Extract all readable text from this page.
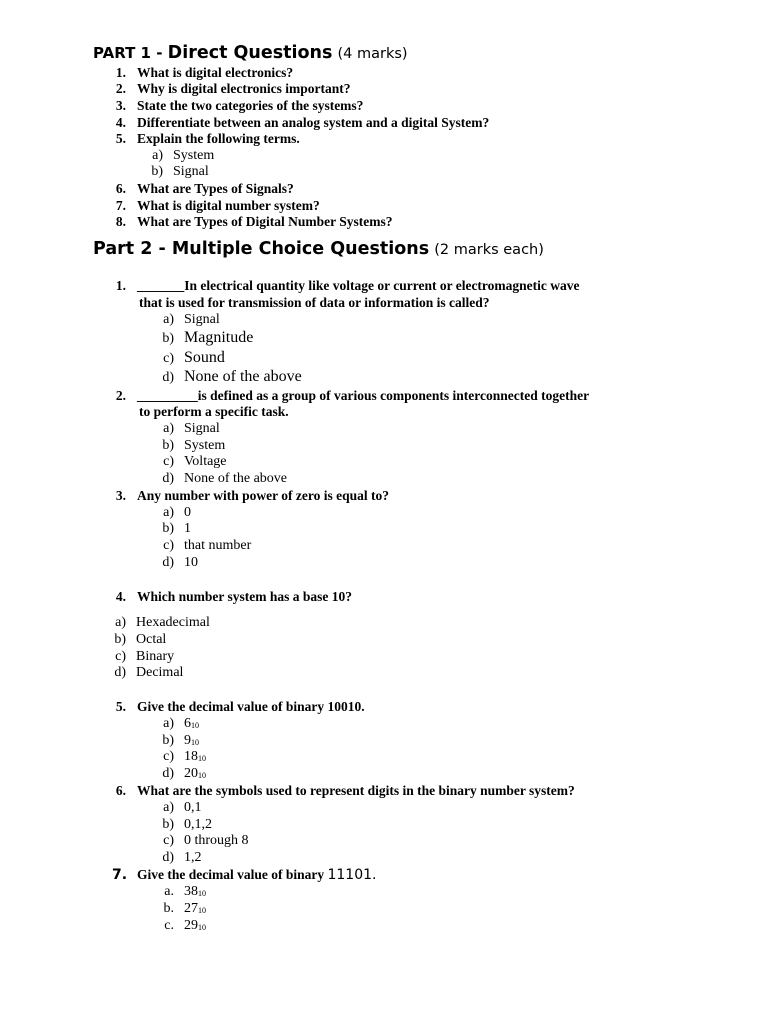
PART 1 - Direct Questions (4 marks)
1. What is digital electronics?
2. Why is digital electronics important?
3. State the two categories of the systems?
4. Differentiate between an analog system and a digital System?
5. Explain the following terms.
a) System
b) Signal
6. What are Types of Signals?
7. What is digital number system?
8. What are Types of Digital Number Systems?
Part 2 - Multiple Choice Questions (2 marks each)
1. _______In electrical quantity like voltage or current or electromagnetic wave
that is used for transmission of data or information is called?
a) Signal
b) Magnitude
c) Sound
d) None of the above
2. _________is defined as a group of various components interconnected together
to perform a specific task.
a) Signal
b) System
c) Voltage
d) None of the above
3. Any number with power of zero is equal to?
a) 0
b) 1
c) that number
d) 10
4. Which number system has a base 10?
a) Hexadecimal
b) Octal
c) Binary
d) Decimal
5. Give the decimal value of binary 10010.
a) $6_{10}$
b) $9_{10}$
c) $18_{10}$
d) $20_{10}$
6. What are the symbols used to represent digits in the binary number system?
a) 0,1
b) 0,1,2
c) 0 through 8
d) 1,2
7. Give the decimal value of binary 11101.
a. $38_{10}$
b. $27_{10}$
c. $29_{10}$
